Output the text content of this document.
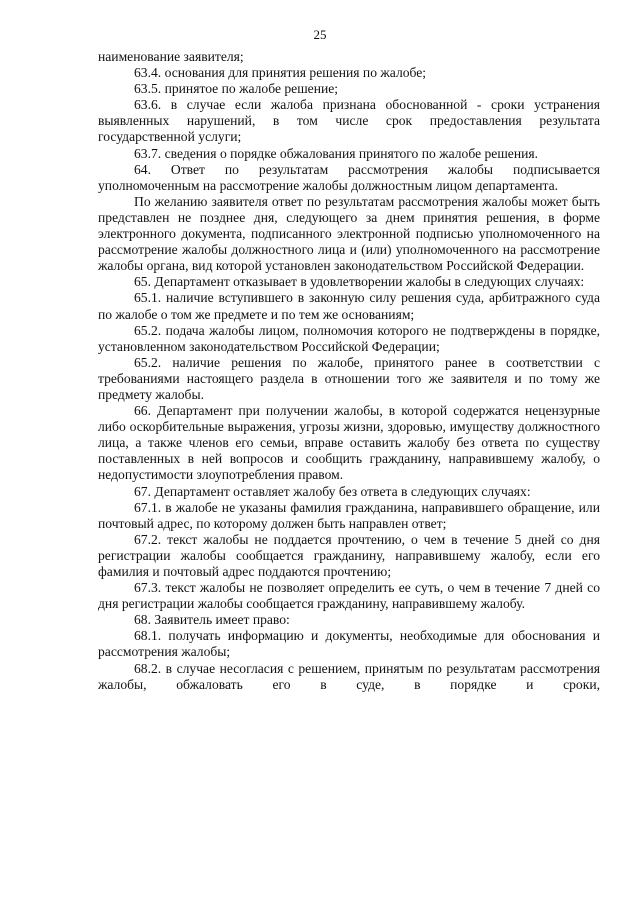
25

наименование заявителя;

63.4. основания для принятия решения по жалобе;

63.5. принятое по жалобе решение;

63.6. в случае если жалоба признана обоснованной - сроки устранения выявленных нарушений, в том числе срок предоставления результата государственной услуги;

63.7. сведения о порядке обжалования принятого по жалобе решения.

64. Ответ по результатам рассмотрения жалобы подписывается уполномоченным на рассмотрение жалобы должностным лицом департамента.

По желанию заявителя ответ по результатам рассмотрения жалобы может быть представлен не позднее дня, следующего за днем принятия решения, в форме электронного документа, подписанного электронной подписью уполномоченного на рассмотрение жалобы должностного лица и (или) уполномоченного на рассмотрение жалобы органа, вид которой установлен законодательством Российской Федерации.

65. Департамент отказывает в удовлетворении жалобы в следующих случаях:

65.1. наличие вступившего в законную силу решения суда, арбитражного суда по жалобе о том же предмете и по тем же основаниям;

65.2. подача жалобы лицом, полномочия которого не подтверждены в порядке, установленном законодательством Российской Федерации;

65.2. наличие решения по жалобе, принятого ранее в соответствии с требованиями настоящего раздела в отношении того же заявителя и по тому же предмету жалобы.

66. Департамент при получении жалобы, в которой содержатся нецензурные либо оскорбительные выражения, угрозы жизни, здоровью, имуществу должностного лица, а также членов его семьи, вправе оставить жалобу без ответа по существу поставленных в ней вопросов и сообщить гражданину, направившему жалобу, о недопустимости злоупотребления правом.

67. Департамент оставляет жалобу без ответа в следующих случаях:

67.1. в жалобе не указаны фамилия гражданина, направившего обращение, или почтовый адрес, по которому должен быть направлен ответ;

67.2. текст жалобы не поддается прочтению, о чем в течение 5 дней со дня регистрации жалобы сообщается гражданину, направившему жалобу, если его фамилия и почтовый адрес поддаются прочтению;

67.3. текст жалобы не позволяет определить ее суть, о чем в течение 7 дней со дня регистрации жалобы сообщается гражданину, направившему жалобу.

68. Заявитель имеет право:

68.1. получать информацию и документы, необходимые для обоснования и рассмотрения жалобы;

68.2. в случае несогласия с решением, принятым по результатам рассмотрения жалобы, обжаловать его в суде, в порядке и сроки,
